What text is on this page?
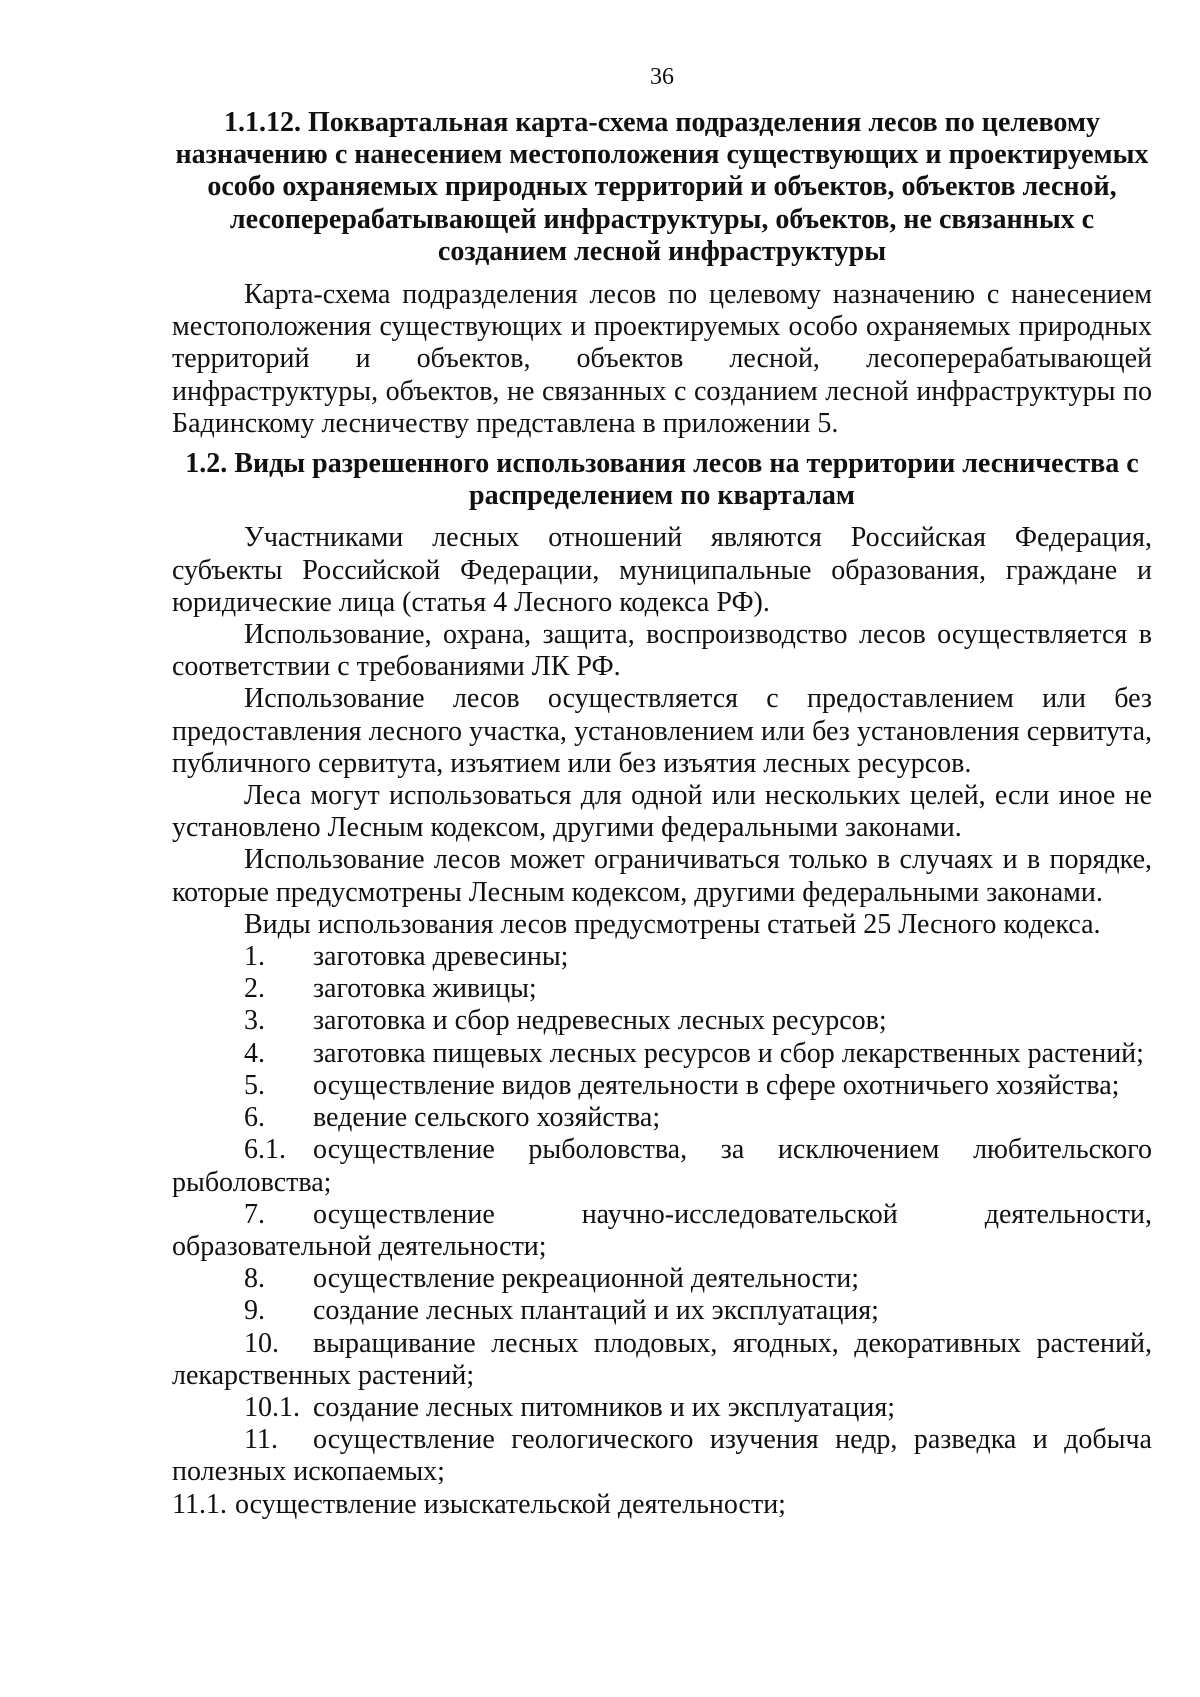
36
1.1.12. Поквартальная карта-схема подразделения лесов по целевому назначению с нанесением местоположения существующих и проектируемых особо охраняемых природных территорий и объектов, объектов лесной, лесоперерабатывающей инфраструктуры, объектов, не связанных с созданием лесной инфраструктуры

Карта-схема подразделения лесов по целевому назначению с нанесением местоположения существующих и проектируемых особо охраняемых природных территорий и объектов, объектов лесной, лесоперерабатывающей инфраструктуры, объектов, не связанных с созданием лесной инфраструктуры по Бадинскому лесничеству представлена в приложении 5.

1.2. Виды разрешенного использования лесов на территории лесничества с распределением по кварталам

Участниками лесных отношений являются Российская Федерация, субъекты Российской Федерации, муниципальные образования, граждане и юридические лица (статья 4 Лесного кодекса РФ).

Использование, охрана, защита, воспроизводство лесов осуществляется в соответствии с требованиями ЛК РФ.

Использование лесов осуществляется с предоставлением или без предоставления лесного участка, установлением или без установления сервитута, публичного сервитута, изъятием или без изъятия лесных ресурсов.

Леса могут использоваться для одной или нескольких целей, если иное не установлено Лесным кодексом, другими федеральными законами.

Использование лесов может ограничиваться только в случаях и в порядке, которые предусмотрены Лесным кодексом, другими федеральными законами.

Виды использования лесов предусмотрены статьей 25 Лесного кодекса.

1. заготовка древесины;

2. заготовка живицы;

3. заготовка и сбор недревесных лесных ресурсов;

4. заготовка пищевых лесных ресурсов и сбор лекарственных растений;

5. осуществление видов деятельности в сфере охотничьего хозяйства;

6. ведение сельского хозяйства;

6.1. осуществление рыболовства, за исключением любительского рыболовства;

7. осуществление научно-исследовательской деятельности, образовательной деятельности;

8. осуществление рекреационной деятельности;

9. создание лесных плантаций и их эксплуатация;

10. выращивание лесных плодовых, ягодных, декоративных растений, лекарственных растений;

10.1. создание лесных питомников и их эксплуатация;

11. осуществление геологического изучения недр, разведка и добыча полезных ископаемых;

11.1. осуществление изыскательской деятельности;
